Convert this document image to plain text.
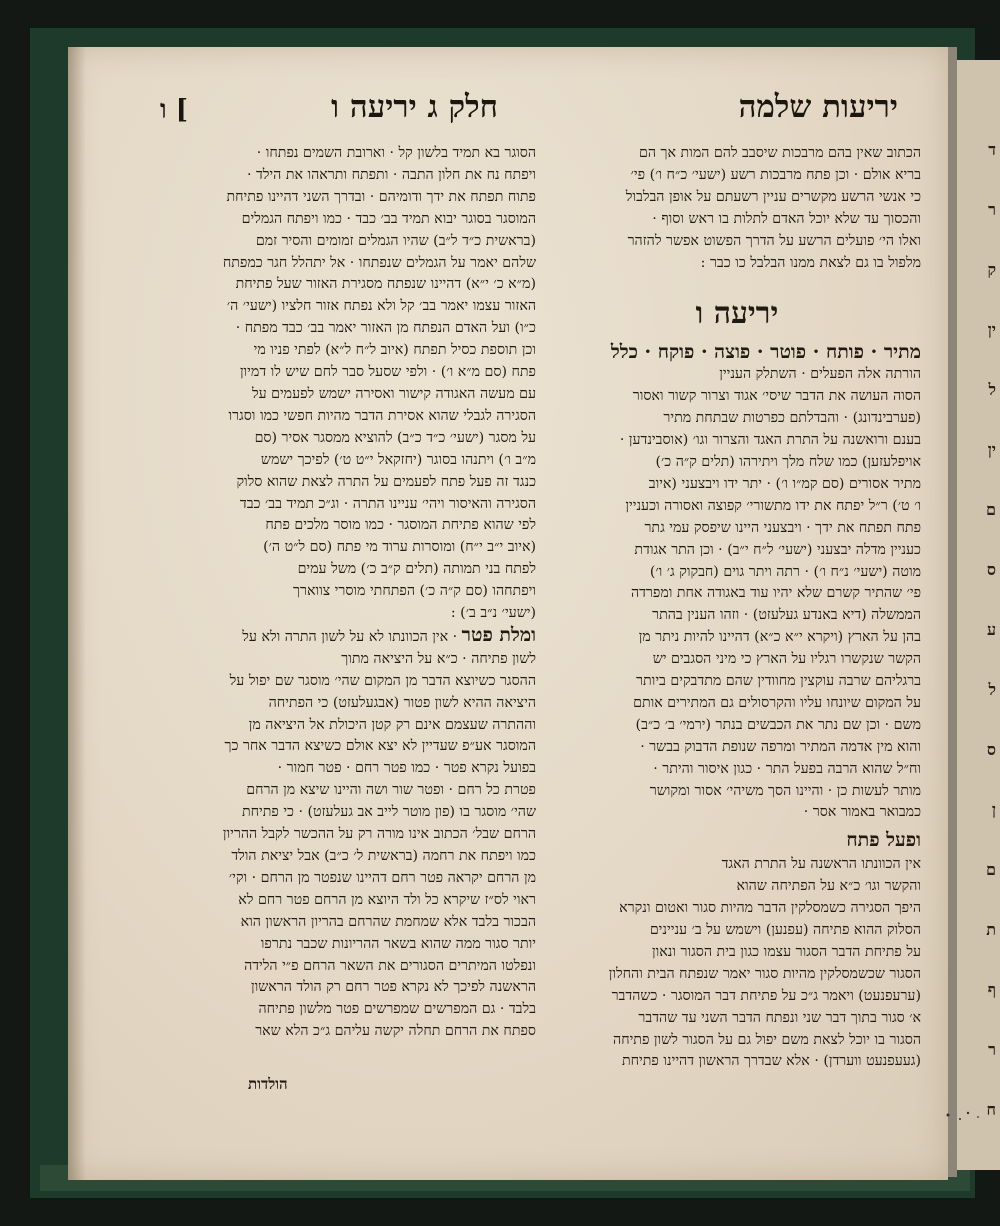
ד
ר
ק
ין
ל
ין
ם
ס
ע
ל
ס
ן
ם
ת
ף
ר
ח
ו [	חלק ג יריעה ו	יריעות שלמה

הכתוב שאין בהם מרבכות שיסבב להם המות אך הם

בריא אולם · וכן פתח מרבכות רשע (ישעי׳ כ״ח ו׳) פי׳

כי אנשי הרשע מקשרים עניין רשעתם על אופן הבלבול

והכסוך עד שלא יוכל האדם לתלות בו ראש וסוף ·

ואלו הי׳ פועלים הרשע על הדרך הפשוט אפשר להזהר

מלפול בו גם לצאת ממנו הבלבל כו כבר :

יריעה ו

מתיר · פותח · פוטר · פוצה · פוקח · כלל

הורתה אלה הפעלים · השתלק העניין

הסוה העושה את הדבר שיסי׳ אגוד וצרור קשור ואסור

(פערבינדונג) · והבדלתם כפרטות שבתחת מתיר

בענם ורואשנה על התרת האגד והצרור וגו׳ (אוסבינדען ·

אויפלעזען) כמו שלח מלך ויתירהו (תלים ק״ה כ׳)

מתיר אסורים (סם קמ״ו ו׳) · יתר ידו ויבצעני (איוב

ו׳ ט׳) ר״ל יפתח את ידו מתשורי׳ קפוצה ואסורה וכעניין

פתח תפתח את ידך · ויבצעני היינו שיפסק עמי גתר

כעניין מדלה יבצעני (ישעי׳ ל״ח י״ב) · וכן התר אגודת

מוטה (ישעי׳ נ״ח ו׳) · רתה ויתר גוים (חבקוק ג׳ ו׳)

פי׳ שהתיר קשרם שלא יהיו עוד באגודה אחת ומפרדה

הממשלה (דיא באנדע געלעזט) · וזהו הענין בהתר

בהן על הארץ (ויקרא י״א כ״א) דהיינו להיות ניתר מן

הקשר שנקשרו רגליו על הארץ כי מיני הסגבים יש

ברגליהם שרבה עוקצין מחוודין שהם מתדבקים ביותר

על המקום שיונחו עליו והקרסולים גם המתירים אותם

משם · וכן שם נתר את הכבשים בנתר (ירמי׳ ב׳ כ״ב)

והוא מין אדמה המתיר ומרפה שנופת הדבוק בבשר ·

וח״ל שהוא הרבה בפעל התר · כגון איסור והיתר ·

מותר לעשות כן · והיינו הסך משיהי׳ אסור ומקושר

כמבואר באמור אסר ·

ופעל פתח

אין הכוונתו הראשנה על התרת האגד

והקשר וגו׳ כ״א על הפתיחה שהוא

היפך הסגירה כשמסלקין הדבר מהיות סגור ואטום ונקרא

הסלוק ההוא פתיחה (עפנען) וישמש על ב׳ עניינים

על פתיחת הדבר הסגור עצמו כגון בית הסגור ונאון

הסגור שכשמסלקין מהיות סגור יאמר שנפתח הבית והחלון

(ערעפנעט) ויאמר ג״כ על פתיחת דבר המוסגר · כשהדבר

א׳ סגור בתוך דבר שני ונפתח הדבר השני עד שהדבר

הסגור בו יוכל לצאת משם יפול גם על הסגור לשון פתיחה

(געעפנעט ווערדן) · אלא שבדרך הראשון דהיינו פתיחת

הסוגר בא תמיד בלשון קל · וארובת השמים נפתחו ·

ויפתח נח את חלון התבה · ותפתח ותראהו את הילד ·

פתוח תפתח את ידך ודומיהם · ובדרך השני דהיינו פתיחת

המוסגר בסוגר יבוא תמיד בב׳ כבד · כמו ויפתח הגמלים

(בראשית כ״ד ל״ב) שהיו הגמלים זמומים והסיר זמם

שלהם יאמר על הגמלים שנפתחו · אל יתהלל חגר כמפתח

(מ״א כ׳ י״א) דהיינו שנפתח מסגירת האזור שעל פתיחת

האזור עצמו יאמר בב׳ קל ולא נפתח אזור חלציו (ישעי׳ ה׳

כ״ו) ועל האדם הנפתח מן האזור יאמר בב׳ כבד מפתח ·

וכן תוספת כסיל תפתח (איוב ל״ח ל״א) לפתי פניו מי

פתח (סם מ״א ו׳) · ולפי שסעל סבר לחם שיש לו דמיון

עם מעשה האגודה קישור ואסירה ישמש לפעמים על

הסגירה לגבלי שהוא אסירת הדבר מהיות חפשי כמו וסגרו

על מסגר (ישעי׳ כ״ד כ״ב) להוציא ממסגר אסיר (סם

מ״ב ו׳) ויתנהו בסוגר (יחזקאל י״ט ט׳) לפיכך ישמש

כנגד זה פעל פתח לפעמים על התרה לצאת שהוא סלוק

הסגירה והאיסור ויהי׳ עניינו התרה · וג״כ תמיד בב׳ כבד

לפי שהוא פתיחת המוסגר · כמו מוסר מלכים פתח

(איוב י״ב י״ח) ומוסרות ערוד מי פתח (סם ל״ט ה׳)

לפתח בני תמותה (תלים ק״ב כ׳) משל עמים

ויפתחהו (סם ק״ה כ׳) הפתחתי מוסרי צווארך

(ישעי׳ נ״ב ב׳) :

ומלת פטר · אין הכוונתו לא על לשון התרה ולא על

לשון פתיחה · כ״א על היציאה מתוך

ההסגר כשיוצא הדבר מן המקום שהי׳ מוסגר שם יפול על

היציאה ההיא לשון פטור (אבגעלעזט) כי הפתיחה

וההתרה שעצמם אינם רק קטן היכולת אל היציאה מן

המוסגר אע״פ שעדיין לא יצא אולם כשיצא הדבר אחר כך

בפועל נקרא פטר · כמו פטר רחם · פטר חמור ·

פטרת כל רחם · ופטר שור ושה והיינו שיצא מן הרחם

שהי׳ מוסגר בו (פון מוטר לייב אב געלעזט) · כי פתיחת

הרחם שבל׳ הכתוב אינו מורה רק על ההכשר לקבל ההריון

כמו ויפתח את רחמה (בראשית ל׳ כ״ב) אבל יציאת הולד

מן הרחם יקראה פטר רחם דהיינו שנפטר מן הרחם · וקי׳

ראוי לס״ז שיקרא כל ולד היוצא מן הרחם פטר רחם לא

הבכור בלבד אלא שמחמת שהרחם בהריון הראשון הוא

יותר סגור ממה שהוא בשאר ההריונות שכבר נתרפו

ונפלטו המיתרים הסגורים את השאר הרחם פ״י הלידה

הראשנה לפיכך לא נקרא פטר רחם רק הולד הראשון

בלבד · גם המפרשים שמפרשים פטר מלשון פתיחה

ספתח את הרחם תחלה יקשה עליהם ג״כ הלא שאר

הולדות
